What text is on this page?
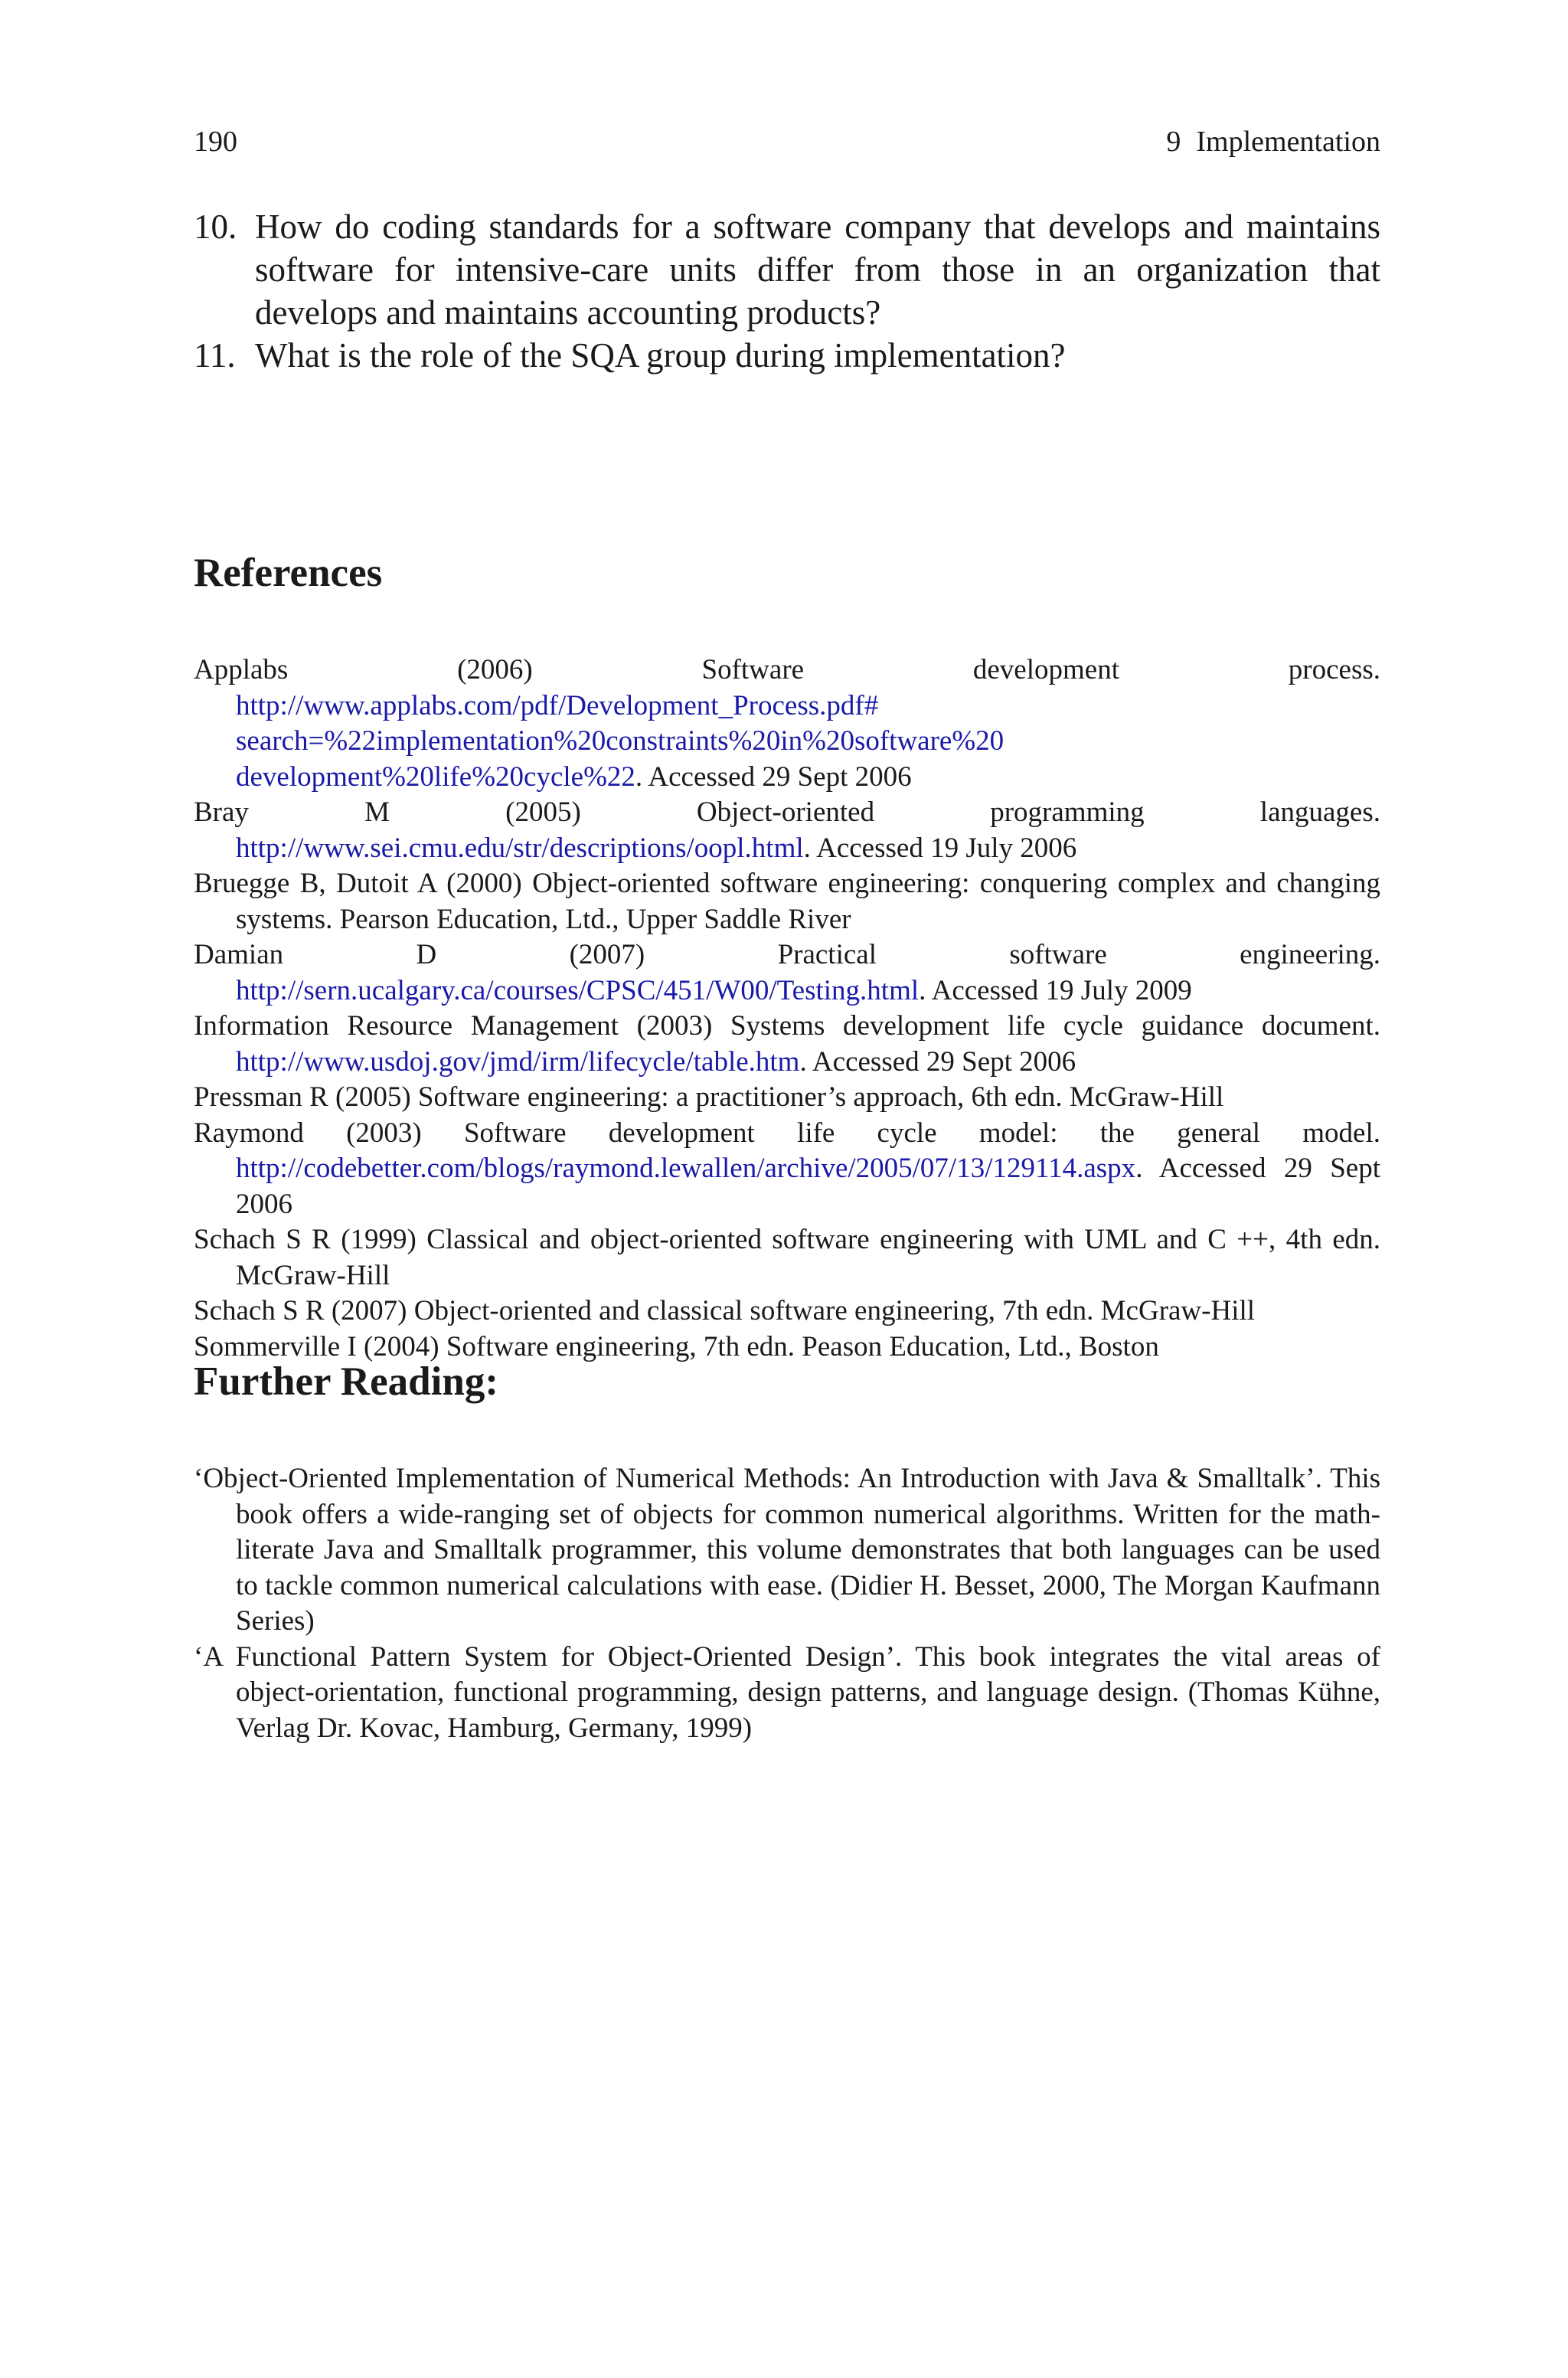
190	9 Implementation
10. How do coding standards for a software company that develops and maintains software for intensive-care units differ from those in an organization that develops and maintains accounting products?
11. What is the role of the SQA group during implementation?
References
Applabs (2006) Software development process. http://www.applabs.com/pdf/Development_Process.pdf# search=%22implementation%20constraints%20in%20software%20 development%20life%20cycle%22. Accessed 29 Sept 2006
Bray M (2005) Object-oriented programming languages. http://www.sei.cmu.edu/str/descriptions/oopl.html. Accessed 19 July 2006
Bruegge B, Dutoit A (2000) Object-oriented software engineering: conquering complex and changing systems. Pearson Education, Ltd., Upper Saddle River
Damian D (2007) Practical software engineering. http://sern.ucalgary.ca/courses/CPSC/451/W00/Testing.html. Accessed 19 July 2009
Information Resource Management (2003) Systems development life cycle guidance document. http://www.usdoj.gov/jmd/irm/lifecycle/table.htm. Accessed 29 Sept 2006
Pressman R (2005) Software engineering: a practitioner’s approach, 6th edn. McGraw-Hill
Raymond (2003) Software development life cycle model: the general model. http://codebetter.com/blogs/raymond.lewallen/archive/2005/07/13/129114.aspx. Accessed 29 Sept 2006
Schach S R (1999) Classical and object-oriented software engineering with UML and C ++, 4th edn. McGraw-Hill
Schach S R (2007) Object-oriented and classical software engineering, 7th edn. McGraw-Hill
Sommerville I (2004) Software engineering, 7th edn. Peason Education, Ltd., Boston
Further Reading:
‘Object-Oriented Implementation of Numerical Methods: An Introduction with Java & Smalltalk’. This book offers a wide-ranging set of objects for common numerical algorithms. Written for the math-literate Java and Smalltalk programmer, this volume demonstrates that both languages can be used to tackle common numerical calculations with ease. (Didier H. Besset, 2000, The Morgan Kaufmann Series)
‘A Functional Pattern System for Object-Oriented Design’. This book integrates the vital areas of object-orientation, functional programming, design patterns, and language design. (Thomas Kühne, Verlag Dr. Kovac, Hamburg, Germany, 1999)
